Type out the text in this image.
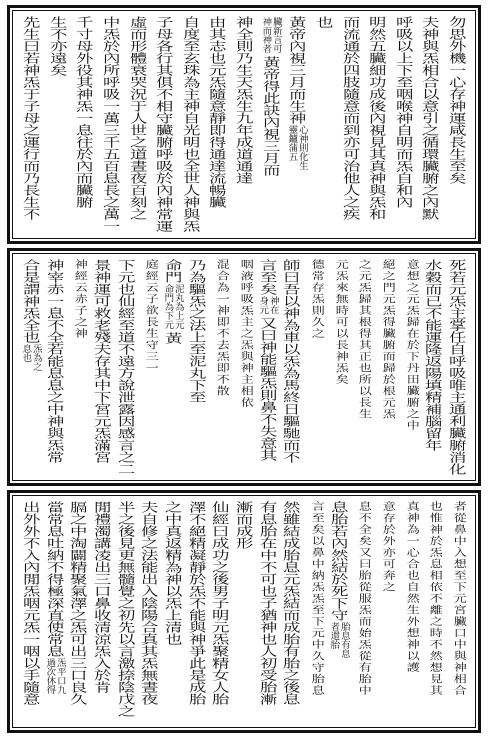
勿思外機一心存神運咸長生至矣
夫神與炁相合以意引之循環臟腑之內默
呼吸以上下至咽喉神自明而炁自和內
明然五臟細功成後內視見其真神與炁和
而流通於四肢隨意而到亦可治他人之疾
也
黃帝內視三月而生神
心神則化生靈鑪蒲五
臟新言可神而神者
黃帝得此訣內視三月而
神全則乃生天炁生九年成道通達
由其志也元炁隨意靜即得通達流暢臟
自度至玄珠為主神自光明也全世人神與炁
子母各行其俱不相守臟腑呼吸於內神常運
虛而形體衰哭況于人世之道晝夜百刻之
中炁於內所呼吸一萬三千五百息長之萬一
千寸母外役其神炁一息往於內而臟腑
生不亦遠矣
先生曰若神炁于子母之運行而乃長生不
死若元炁主掌任自呼吸唯主通利臟腑消化
水穀而已不能運隆返陽填精補腦留年
意想之元炁歸在於下丹田臟腑之中
絕之門元炁得臟腑而歸於根元炁
之元炁歸其根得其正也所以長生
元炁來無時可以長神炁矣
德常存炁則久之
師曰吾以神為車以炁為馬終日驅馳而不
言至矣
神在身元
又曰神能驅炁則鼻不失意其
咽液呼吸炁主之炁與神主相依
混合為一神即不去炁即不散
乃為驅炁之法上至泥丸下至
命門
泥丸為上元命門為下元
黃
庭經云子欲長生守三一
下元也仙經至道不遠方說泄露因感言之二
景神運可救老殘夫存其中下宮元炁滿宮
神經云赤子之神
神宰赤一息不全若能息息之中神與炁常
合是謂神炁全也
炁為之息也
者從鼻中入想至下元宮臟口中與神相合
也惟神於炁息相依不離之時不然想見其
真神為一心合也自然生外想神以護
意存於外亦可奔之
息不全矣又曰胎從服炁而始炁從有胎中
息胎若內然結於死下守
胎息有息者還胎
言至矣以鼻中納炁炁至下元中久守胎息
然雖結成胎息元炁結而成胎有胎之後息
有息胎在中不可也子猶神也人初受胎漸
漸而成形
仙經曰成功之後男子明元炁聚精女人胎
澤不絕精凝靜於炁不能與神爭此是成胎
之中真返精為神以炁上清也
夫自修之法能出入陰陽合真其炁無晝夜
半之後見更無髓覺之初先以言激捺陰戊之
閒禮濁講凌出三口鼻收清涼炁入於肯
膈之中淘闢精聚氣澤之炁可出三口良久
當常息吐納不得極深直使常息
炁平口九過次休得
出外外不入內閒炁咽元炁一咽以手隨意
